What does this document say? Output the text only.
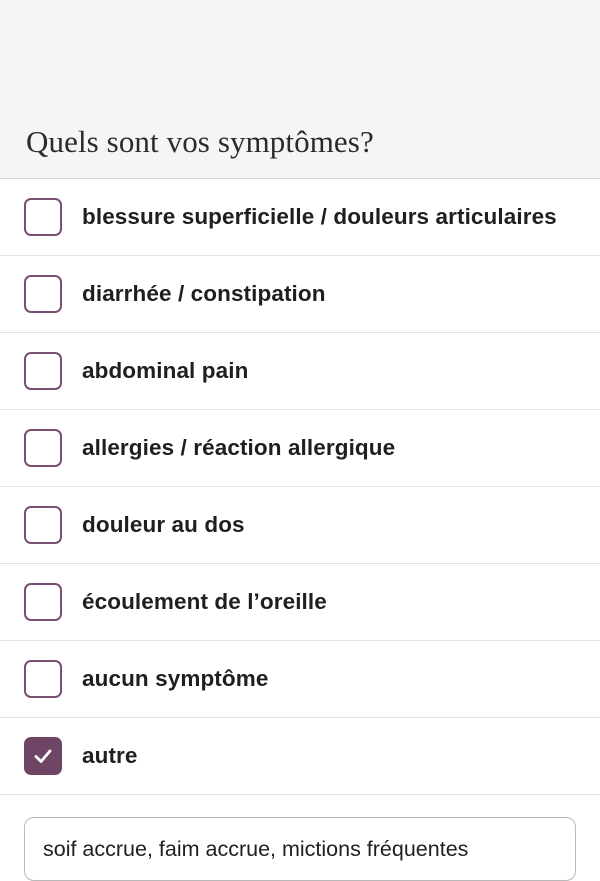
Quels sont vos symptômes?
blessure superficielle / douleurs articulaires
diarrhée / constipation
abdominal pain
allergies / réaction allergique
douleur au dos
écoulement de l’oreille
aucun symptôme
autre
soif accrue, faim accrue, mictions fréquentes
